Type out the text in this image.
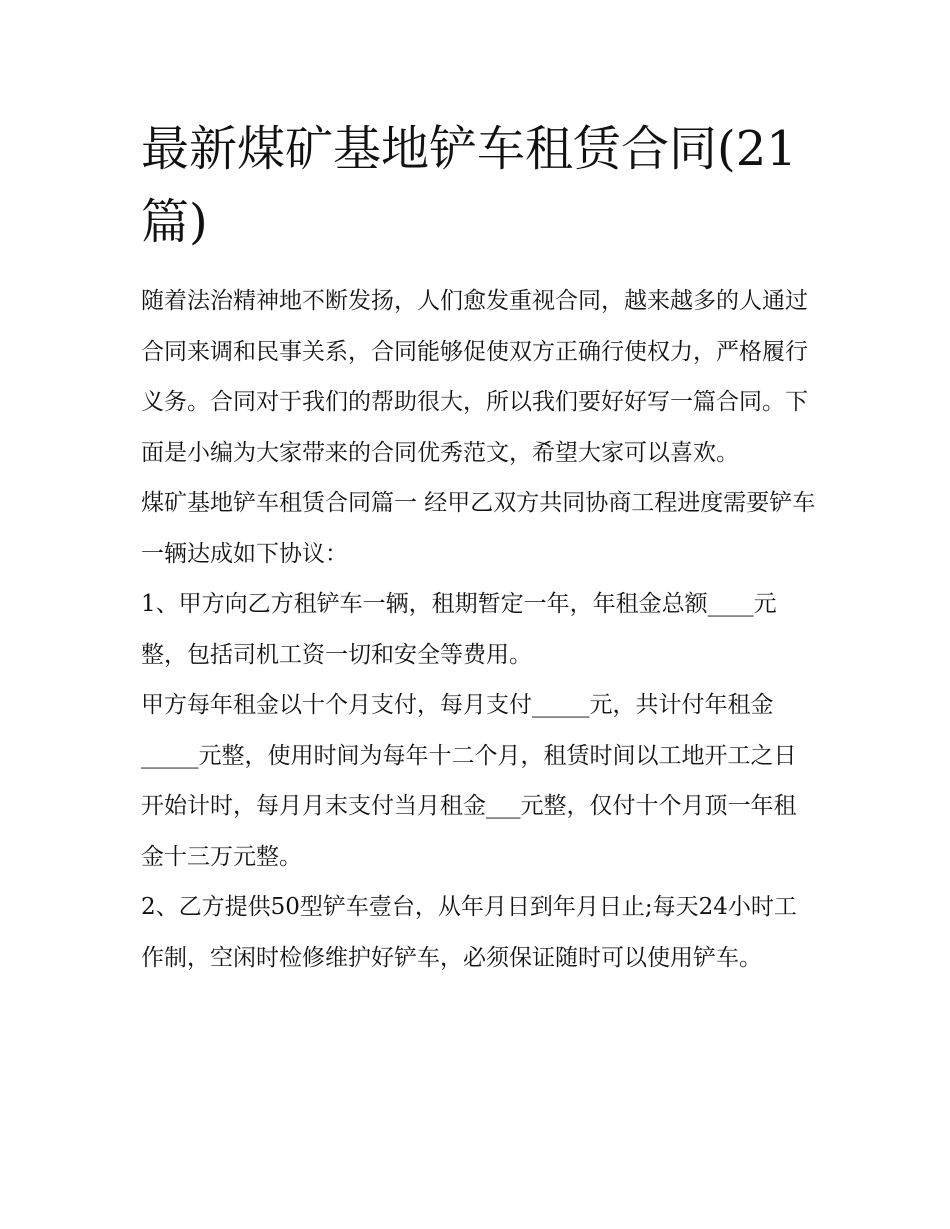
最新煤矿基地铲车租赁合同(21篇)

随着法治精神地不断发扬，人们愈发重视合同，越来越多的人通过合同来调和民事关系，合同能够促使双方正确行使权力，严格履行义务。合同对于我们的帮助很大，所以我们要好好写一篇合同。下面是小编为大家带来的合同优秀范文，希望大家可以喜欢。

煤矿基地铲车租赁合同篇一 经甲乙双方共同协商工程进度需要铲车一辆达成如下协议：

1、甲方向乙方租铲车一辆，租期暂定一年，年租金总额____元整，包括司机工资一切和安全等费用。

甲方每年租金以十个月支付，每月支付_____元，共计付年租金_____元整，使用时间为每年十二个月，租赁时间以工地开工之日开始计时，每月月末支付当月租金___元整，仅付十个月顶一年租金十三万元整。

2、乙方提供50型铲车壹台，从年月日到年月日止;每天24小时工作制，空闲时检修维护好铲车，必须保证随时可以使用铲车。
